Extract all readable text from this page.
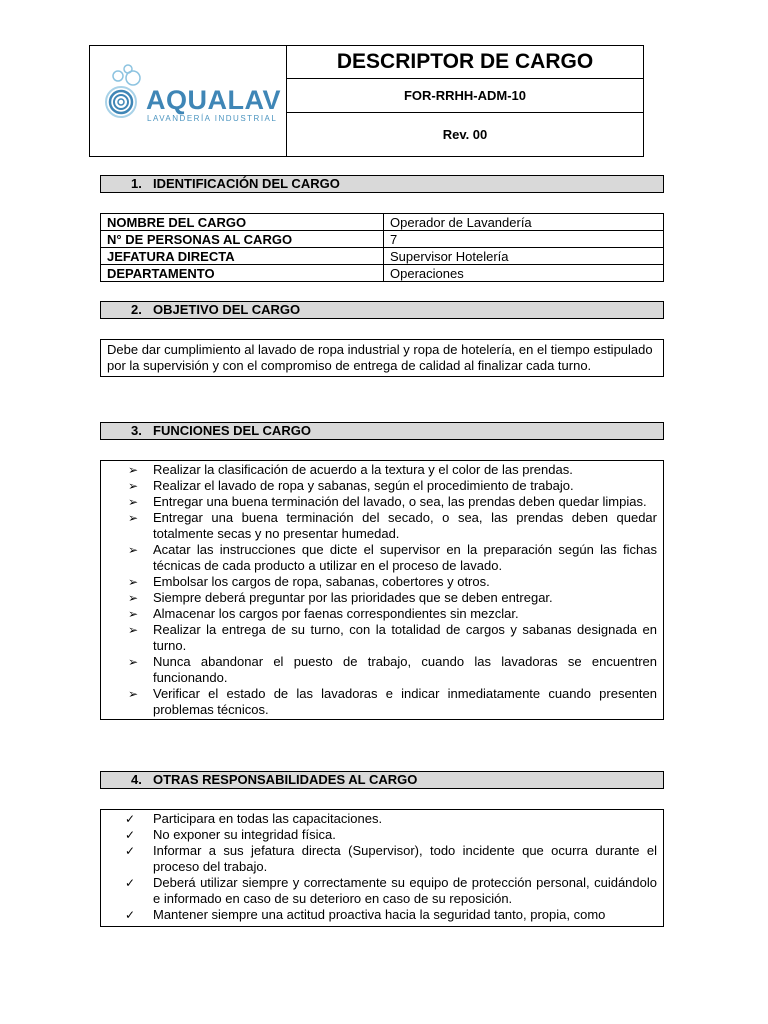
AQUALAV
LAVANDERÍA INDUSTRIAL
DESCRIPTOR DE CARGO
FOR-RRHH-ADM-10
Rev. 00
1. IDENTIFICACIÓN DEL CARGO
NOMBRE DEL CARGO	Operador de Lavandería
N° DE PERSONAS AL CARGO	7
JEFATURA DIRECTA	Supervisor Hotelería
DEPARTAMENTO	Operaciones
2. OBJETIVO DEL CARGO
Debe dar cumplimiento al lavado de ropa industrial y ropa de hotelería, en el tiempo estipulado por la supervisión y con el compromiso de entrega de calidad al finalizar cada turno.
3. FUNCIONES DEL CARGO
➢ Realizar la clasificación de acuerdo a la textura y el color de las prendas.
➢ Realizar el lavado de ropa y sabanas, según el procedimiento de trabajo.
➢ Entregar una buena terminación del lavado, o sea, las prendas deben quedar limpias.
➢ Entregar una buena terminación del secado, o sea, las prendas deben quedar totalmente secas y no presentar humedad.
➢ Acatar las instrucciones que dicte el supervisor en la preparación según las fichas técnicas de cada producto a utilizar en el proceso de lavado.
➢ Embolsar los cargos de ropa, sabanas, cobertores y otros.
➢ Siempre deberá preguntar por las prioridades que se deben entregar.
➢ Almacenar los cargos por faenas correspondientes sin mezclar.
➢ Realizar la entrega de su turno, con la totalidad de cargos y sabanas designada en turno.
➢ Nunca abandonar el puesto de trabajo, cuando las lavadoras se encuentren funcionando.
➢ Verificar el estado de las lavadoras e indicar inmediatamente cuando presenten problemas técnicos.
4. OTRAS RESPONSABILIDADES AL CARGO
✓ Participara en todas las capacitaciones.
✓ No exponer su integridad física.
✓ Informar a sus jefatura directa (Supervisor), todo incidente que ocurra durante el proceso del trabajo.
✓ Deberá utilizar siempre y correctamente su equipo de protección personal, cuidándolo e informado en caso de su deterioro en caso de su reposición.
✓ Mantener siempre una actitud proactiva hacia la seguridad tanto, propia, como
